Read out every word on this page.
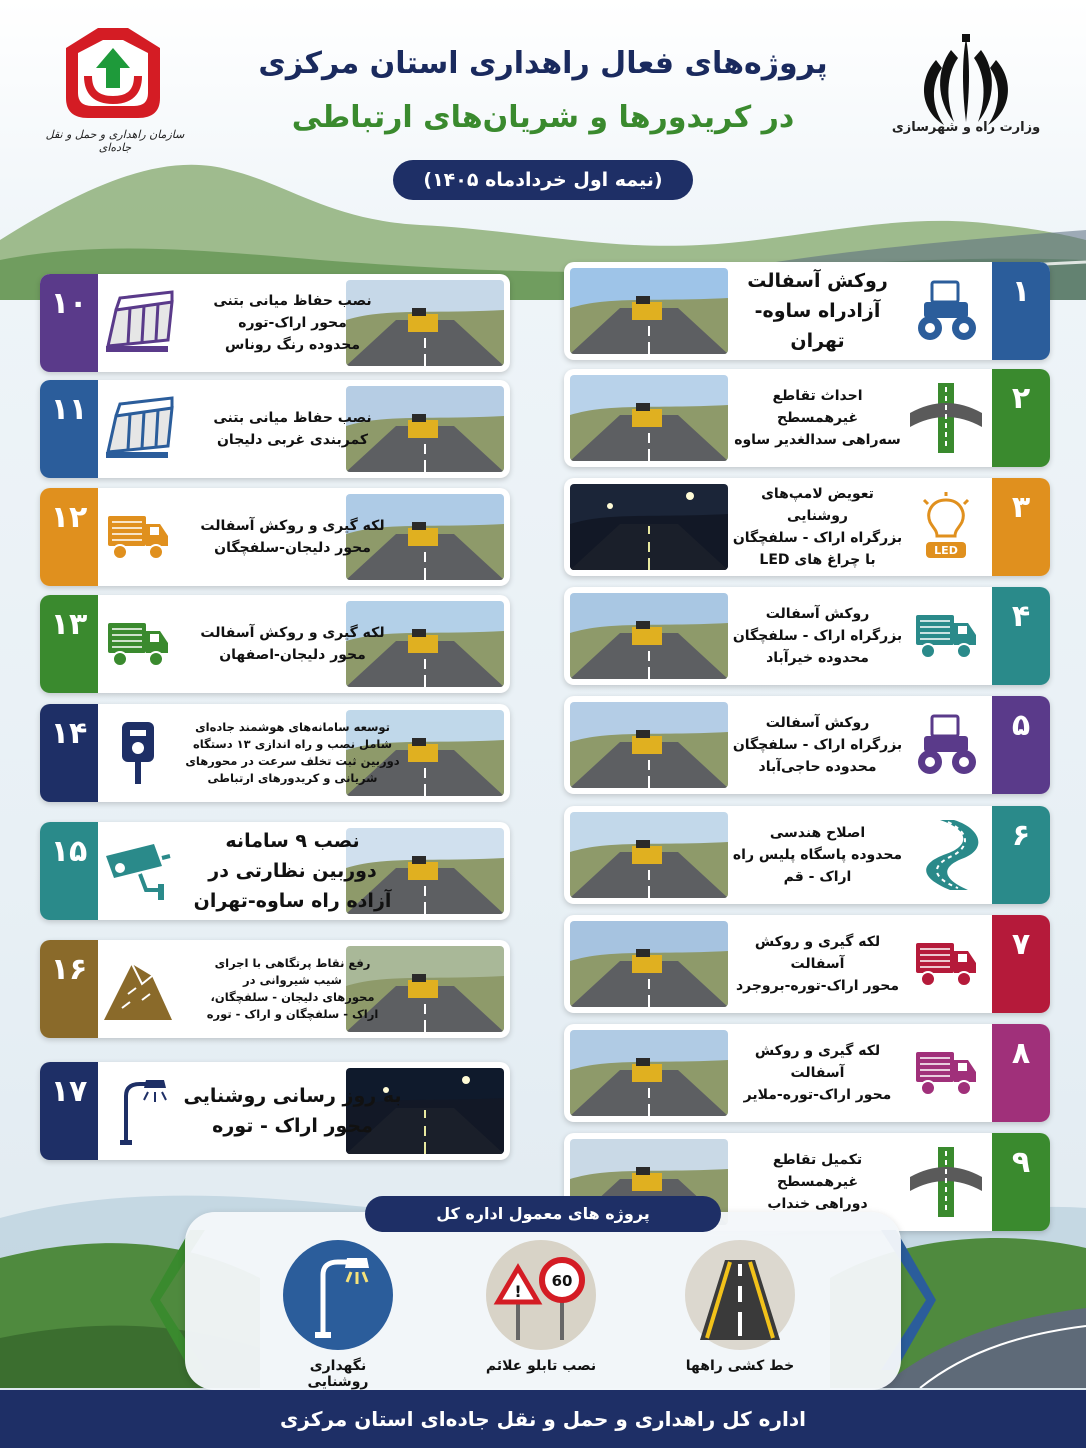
وزارت راه و شهرسازی
سازمان راهداری و حمل و نقل جاده‌ای
پروژه‌های فعال راهداری استان مرکزی
در کریدورها و شریان‌های ارتباطی
(نیمه اول خردادماه ۱۴۰۵)
۱
روکش آسفالت
آزادراه ساوه-تهران
۲
احداث تقاطع غیرهمسطح
سه‌راهی سدالغدیر ساوه
۳
LED
تعویض لامپ‌های روشنایی
بزرگراه اراک - سلفچگان
با چراغ های LED
۴
روکش آسفالت
بزرگراه اراک - سلفچگان
محدوده خیرآباد
۵
روکش آسفالت
بزرگراه اراک - سلفچگان
محدوده حاجی‌آباد
۶
اصلاح هندسی
محدوده پاسگاه پلیس راه
اراک - قم
۷
لکه گیری و روکش آسفالت
محور اراک-توره-بروجرد
۸
لکه گیری و روکش آسفالت
محور اراک-توره-ملایر
۹
تکمیل تقاطع غیرهمسطح
دوراهی خنداب
۱۰	نصب حفاظ میانی بتنی
محور اراک-توره
محدوده رنگ روناس
۱۱	نصب حفاظ میانی بتنی
کمربندی غربی دلیجان
۱۲	لکه گیری و روکش آسفالت
محور دلیجان-سلفچگان
۱۳	لکه گیری و روکش آسفالت
محور دلیجان-اصفهان
۱۴	توسعه سامانه‌های هوشمند جاده‌ای
شامل نصب و راه اندازی ۱۳ دستگاه
دوربین ثبت تخلف سرعت در محورهای
شریانی و کریدورهای ارتباطی
۱۵	نصب ۹ سامانه
دوربین نظارتی در
آزاده راه ساوه-تهران
۱۶	رفع نقاط پرتگاهی با اجرای
شیب شیروانی در
محورهای دلیجان - سلفچگان،
اراک - سلفچگان و اراک - توره
۱۷	به روز رسانی روشنایی
محور اراک - توره
پروژه های معمول اداره کل
خط کشی راهها
!
60
نصب تابلو علائم
نگهداری روشنایی
اداره کل راهداری و حمل و نقل جاده‌ای استان مرکزی
